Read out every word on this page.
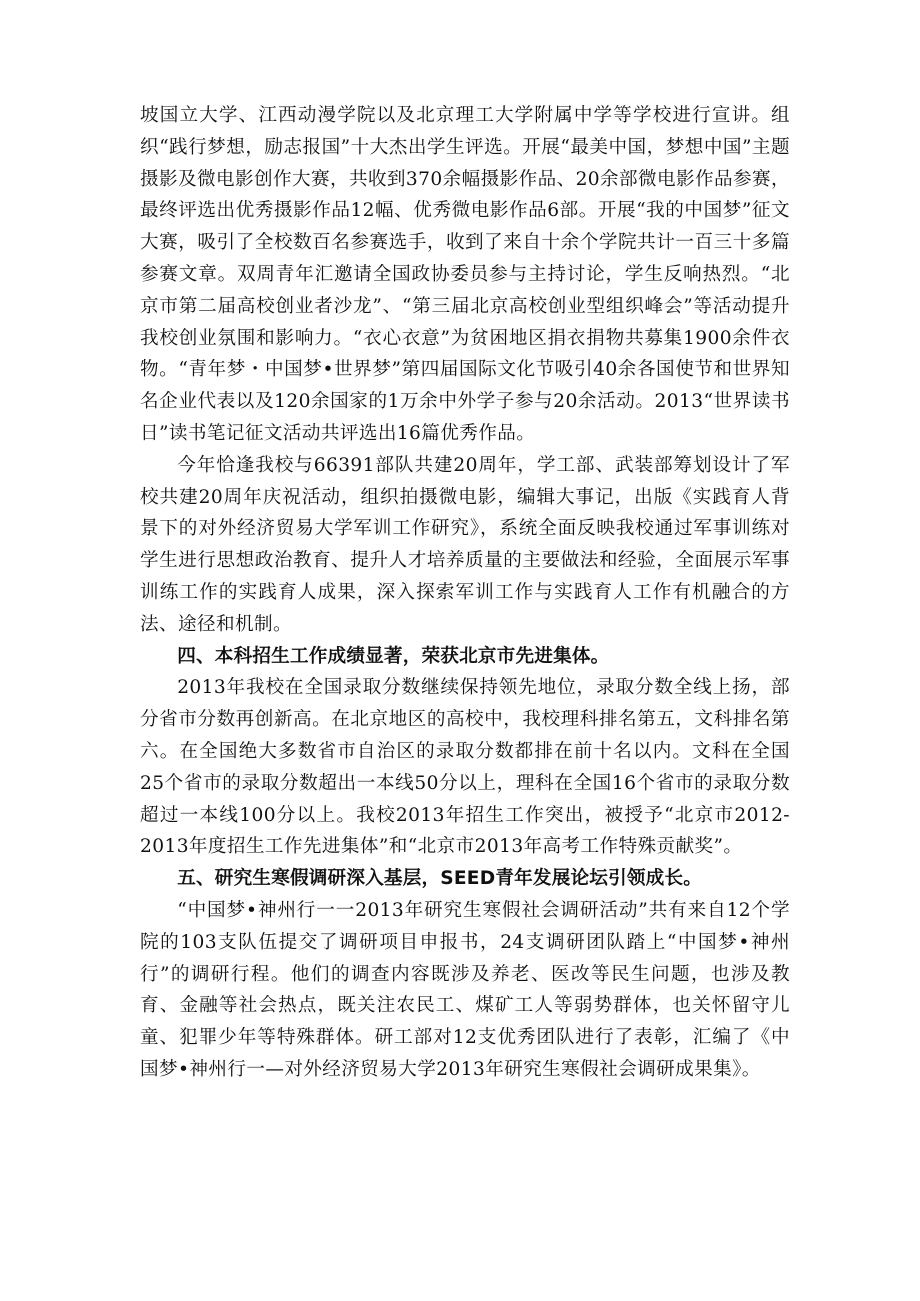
坡国立大学、江西动漫学院以及北京理工大学附属中学等学校进行宣讲。组织“践行梦想，励志报国”十大杰出学生评选。开展“最美中国，梦想中国”主题摄影及微电影创作大赛，共收到370余幅摄影作品、20余部微电影作品参赛，最终评选出优秀摄影作品12幅、优秀微电影作品6部。开展“我的中国梦”征文大赛，吸引了全校数百名参赛选手，收到了来自十余个学院共计一百三十多篇参赛文章。双周青年汇邀请全国政协委员参与主持讨论，学生反响热烈。“北京市第二届高校创业者沙龙”、“第三届北京高校创业型组织峰会”等活动提升我校创业氛围和影响力。“衣心衣意”为贫困地区捐衣捐物共募集1900余件衣物。“青年梦・中国梦•世界梦”第四届国际文化节吸引40余各国使节和世界知名企业代表以及120余国家的1万余中外学子参与20余活动。2013“世界读书日”读书笔记征文活动共评选出16篇优秀作品。

今年恰逢我校与66391部队共建20周年，学工部、武装部筹划设计了军校共建20周年庆祝活动，组织拍摄微电影，编辑大事记，出版《实践育人背景下的对外经济贸易大学军训工作研究》，系统全面反映我校通过军事训练对学生进行思想政治教育、提升人才培养质量的主要做法和经验，全面展示军事训练工作的实践育人成果，深入探索军训工作与实践育人工作有机融合的方法、途径和机制。

四、本科招生工作成绩显著，荣获北京市先进集体。

2013年我校在全国录取分数继续保持领先地位，录取分数全线上扬，部分省市分数再创新高。在北京地区的高校中，我校理科排名第五，文科排名第六。在全国绝大多数省市自治区的录取分数都排在前十名以内。文科在全国25个省市的录取分数超出一本线50分以上，理科在全国16个省市的录取分数超过一本线100分以上。我校2013年招生工作突出，被授予“北京市2012-2013年度招生工作先进集体”和“北京市2013年高考工作特殊贡献奖”。

五、研究生寒假调研深入基层，SEED青年发展论坛引领成长。

“中国梦•神州行一一2013年研究生寒假社会调研活动”共有来自12个学院的103支队伍提交了调研项目申报书，24支调研团队踏上“中国梦•神州行”的调研行程。他们的调查内容既涉及养老、医改等民生问题，也涉及教育、金融等社会热点，既关注农民工、煤矿工人等弱势群体，也关怀留守儿童、犯罪少年等特殊群体。研工部对12支优秀团队进行了表彰，汇编了《中国梦•神州行一—对外经济贸易大学2013年研究生寒假社会调研成果集》。
